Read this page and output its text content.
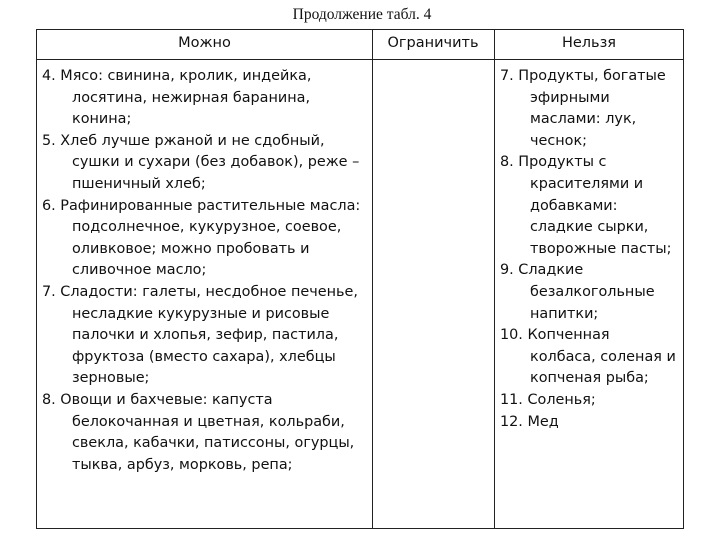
Продолжение табл. 4
Можно	Ограничить	Нельзя
4. Мясо: свинина, кролик, индейка,
лосятина, нежирная баранина,
конина;
5. Хлеб лучше ржаной и не сдобный,
сушки и сухари (без добавок), реже –
пшеничный хлеб;
6. Рафинированные растительные масла:
подсолнечное, кукурузное, соевое,
оливковое; можно пробовать и
сливочное масло;
7. Сладости: галеты, несдобное печенье,
несладкие кукурузные и рисовые
палочки и хлопья, зефир, пастила,
фруктоза (вместо сахара), хлебцы
зерновые;
8. Овощи и бахчевые: капуста
белокочанная и цветная, кольраби,
свекла, кабачки, патиссоны, огурцы,
тыква, арбуз, морковь, репа;
7. Продукты, богатые
эфирными
маслами: лук,
чеснок;
8. Продукты с
красителями и
добавками:
сладкие сырки,
творожные пасты;
9. Сладкие
безалкогольные
напитки;
10. Копченная
колбаса, соленая и
копченая рыба;
11. Соленья;
12. Мед
